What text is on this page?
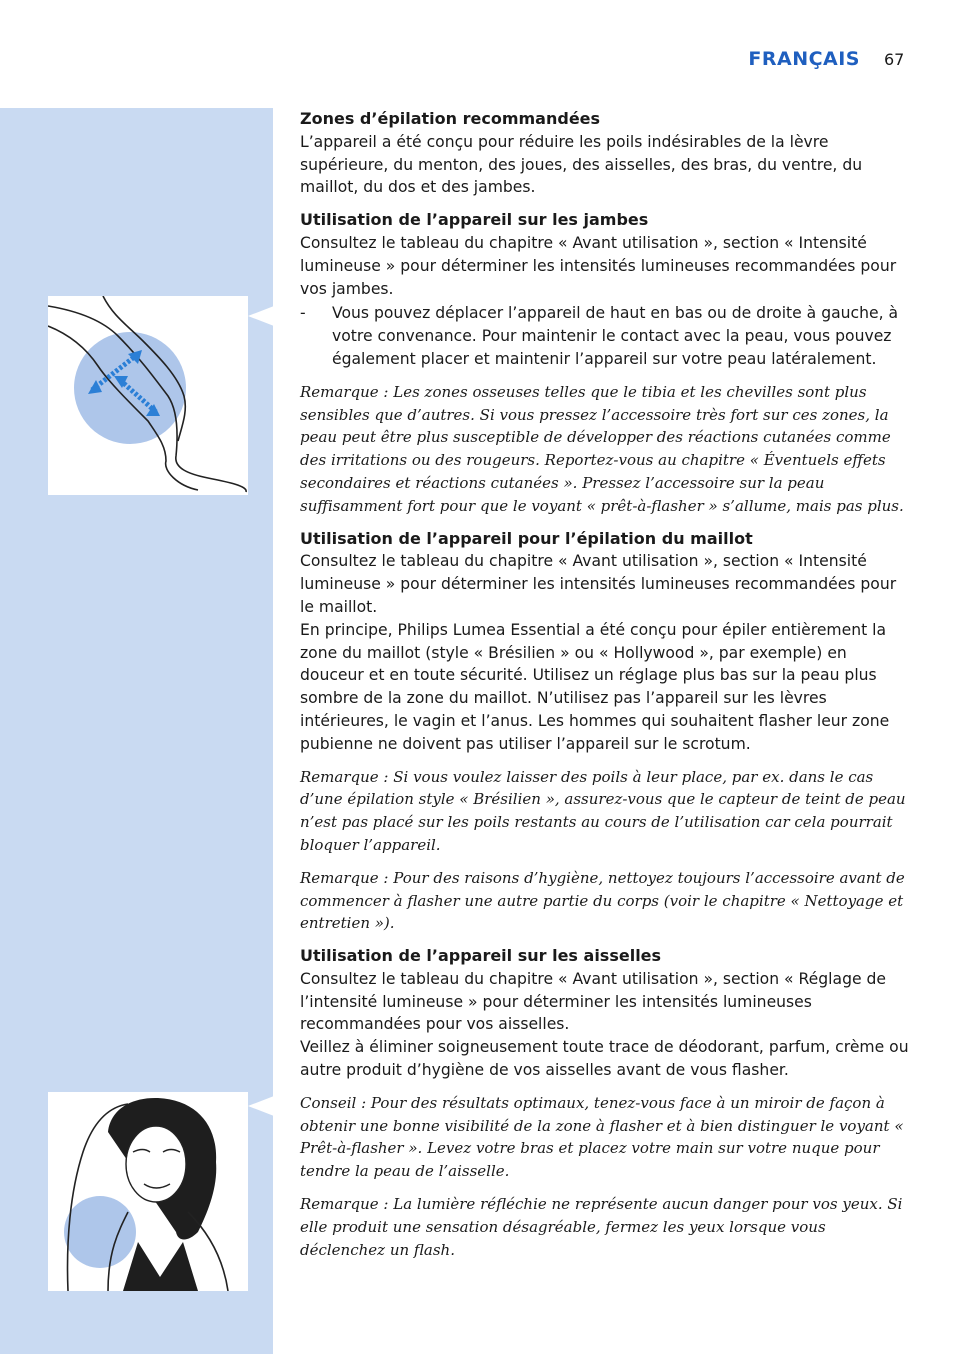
FRANÇAIS 67

Zones d’épilation recommandées
L’appareil a été conçu pour réduire les poils indésirables de la lèvre supérieure, du menton, des joues, des aisselles, des bras, du ventre, du maillot, du dos et des jambes.

Utilisation de l’appareil sur les jambes
Consultez le tableau du chapitre « Avant utilisation », section « Intensité lumineuse » pour déterminer les intensités lumineuses recommandées pour vos jambes.

-	Vous pouvez déplacer l’appareil de haut en bas ou de droite à gauche, à votre convenance. Pour maintenir le contact avec la peau, vous pouvez également placer et maintenir l’appareil sur votre peau latéralement.

Remarque : Les zones osseuses telles que le tibia et les chevilles sont plus sensibles que d’autres. Si vous pressez l’accessoire très fort sur ces zones, la peau peut être plus susceptible de développer des réactions cutanées comme des irritations ou des rougeurs. Reportez-vous au chapitre « Éventuels effets secondaires et réactions cutanées ». Pressez l’accessoire sur la peau suffisamment fort pour que le voyant « prêt-à-flasher » s’allume, mais pas plus.

Utilisation de l’appareil pour l’épilation du maillot
Consultez le tableau du chapitre « Avant utilisation », section « Intensité lumineuse » pour déterminer les intensités lumineuses recommandées pour le maillot.

En principe, Philips Lumea Essential a été conçu pour épiler entièrement la zone du maillot (style « Brésilien » ou « Hollywood », par exemple) en douceur et en toute sécurité. Utilisez un réglage plus bas sur la peau plus sombre de la zone du maillot. N’utilisez pas l’appareil sur les lèvres intérieures, le vagin et l’anus. Les hommes qui souhaitent flasher leur zone pubienne ne doivent pas utiliser l’appareil sur le scrotum.

Remarque : Si vous voulez laisser des poils à leur place, par ex. dans le cas d’une épilation style « Brésilien », assurez-vous que le capteur de teint de peau n’est pas placé sur les poils restants au cours de l’utilisation car cela pourrait bloquer l’appareil.

Remarque : Pour des raisons d’hygiène, nettoyez toujours l’accessoire avant de commencer à flasher une autre partie du corps (voir le chapitre « Nettoyage et entretien »).

Utilisation de l’appareil sur les aisselles
Consultez le tableau du chapitre « Avant utilisation », section « Réglage de l’intensité lumineuse » pour déterminer les intensités lumineuses recommandées pour vos aisselles.

Veillez à éliminer soigneusement toute trace de déodorant, parfum, crème ou autre produit d’hygiène de vos aisselles avant de vous flasher.

Conseil : Pour des résultats optimaux, tenez-vous face à un miroir de façon à obtenir une bonne visibilité de la zone à flasher et à bien distinguer le voyant « Prêt-à-flasher ». Levez votre bras et placez votre main sur votre nuque pour tendre la peau de l’aisselle.

Remarque : La lumière réfléchie ne représente aucun danger pour vos yeux. Si elle produit une sensation désagréable, fermez les yeux lorsque vous déclenchez un flash.
